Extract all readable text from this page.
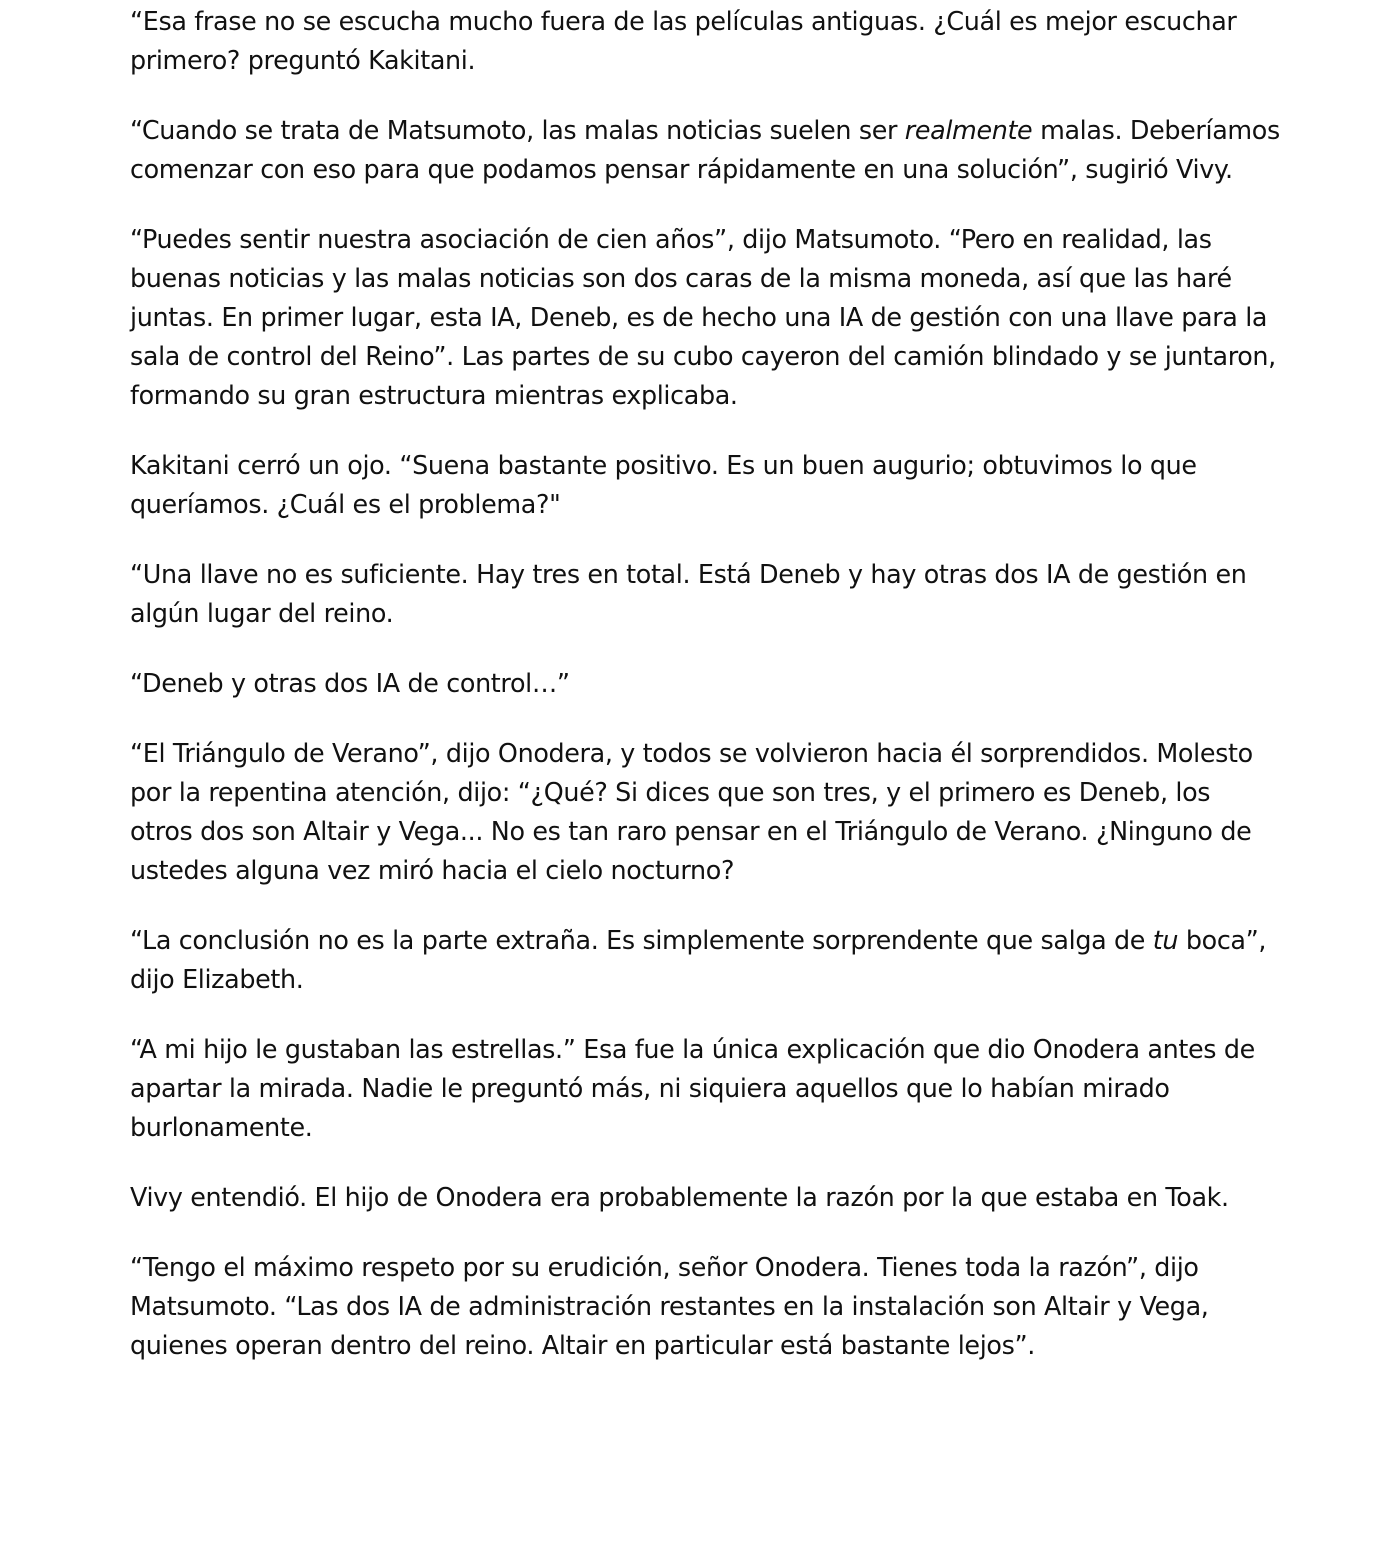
“Esa frase no se escucha mucho fuera de las películas antiguas. ¿Cuál es mejor escuchar primero? preguntó Kakitani.

“Cuando se trata de Matsumoto, las malas noticias suelen ser realmente malas. Deberíamos comenzar con eso para que podamos pensar rápidamente en una solución”, sugirió Vivy.

“Puedes sentir nuestra asociación de cien años”, dijo Matsumoto. “Pero en realidad, las buenas noticias y las malas noticias son dos caras de la misma moneda, así que las haré juntas. En primer lugar, esta IA, Deneb, es de hecho una IA de gestión con una llave para la sala de control del Reino”. Las partes de su cubo cayeron del camión blindado y se juntaron, formando su gran estructura mientras explicaba.

Kakitani cerró un ojo. “Suena bastante positivo. Es un buen augurio; obtuvimos lo que queríamos. ¿Cuál es el problema?"

“Una llave no es suficiente. Hay tres en total. Está Deneb y hay otras dos IA de gestión en algún lugar del reino.

“Deneb y otras dos IA de control…”

“El Triángulo de Verano”, dijo Onodera, y todos se volvieron hacia él sorprendidos. Molesto por la repentina atención, dijo: “¿Qué? Si dices que son tres, y el primero es Deneb, los otros dos son Altair y Vega... No es tan raro pensar en el Triángulo de Verano. ¿Ninguno de ustedes alguna vez miró hacia el cielo nocturno?

“La conclusión no es la parte extraña. Es simplemente sorprendente que salga de tu boca”, dijo Elizabeth.

“A mi hijo le gustaban las estrellas.” Esa fue la única explicación que dio Onodera antes de apartar la mirada. Nadie le preguntó más, ni siquiera aquellos que lo habían mirado burlonamente.

Vivy entendió. El hijo de Onodera era probablemente la razón por la que estaba en Toak.

“Tengo el máximo respeto por su erudición, señor Onodera. Tienes toda la razón”, dijo Matsumoto. “Las dos IA de administración restantes en la instalación son Altair y Vega, quienes operan dentro del reino. Altair en particular está bastante lejos”.
